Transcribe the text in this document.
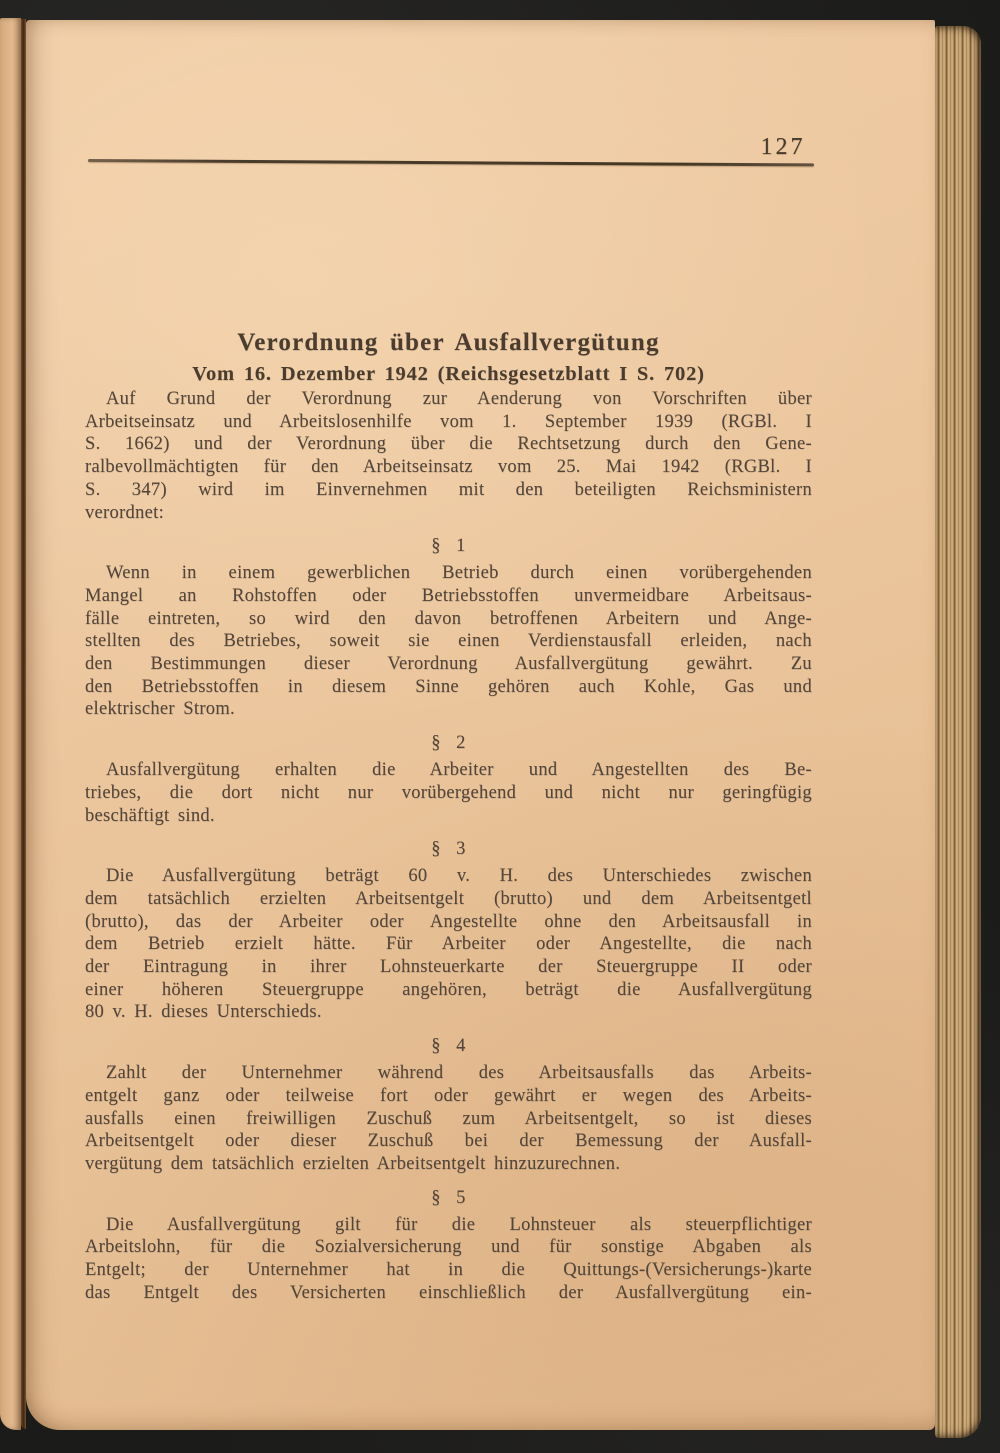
127
Verordnung über Ausfallvergütung
Vom 16. Dezember 1942 (Reichsgesetzblatt I S. 702)
Auf Grund der Verordnung zur Aenderung von Vorschriften über
Arbeitseinsatz und Arbeitslosenhilfe vom 1. September 1939 (RGBl. I
S. 1662) und der Verordnung über die Rechtsetzung durch den Gene-
ralbevollmächtigten für den Arbeitseinsatz vom 25. Mai 1942 (RGBl. I
S. 347) wird im Einvernehmen mit den beteiligten Reichsministern
verordnet:
§ 1
Wenn in einem gewerblichen Betrieb durch einen vorübergehenden
Mangel an Rohstoffen oder Betriebsstoffen unvermeidbare Arbeitsaus-
fälle eintreten, so wird den davon betroffenen Arbeitern und Ange-
stellten des Betriebes, soweit sie einen Verdienstausfall erleiden, nach
den Bestimmungen dieser Verordnung Ausfallvergütung gewährt. Zu
den Betriebsstoffen in diesem Sinne gehören auch Kohle, Gas und
elektrischer Strom.
§ 2
Ausfallvergütung erhalten die Arbeiter und Angestellten des Be-
triebes, die dort nicht nur vorübergehend und nicht nur geringfügig
beschäftigt sind.
§ 3
Die Ausfallvergütung beträgt 60 v. H. des Unterschiedes zwischen
dem tatsächlich erzielten Arbeitsentgelt (brutto) und dem Arbeitsentgetl
(brutto), das der Arbeiter oder Angestellte ohne den Arbeitsausfall in
dem Betrieb erzielt hätte. Für Arbeiter oder Angestellte, die nach
der Eintragung in ihrer Lohnsteuerkarte der Steuergruppe II oder
einer höheren Steuergruppe angehören, beträgt die Ausfallvergütung
80 v. H. dieses Unterschieds.
§ 4
Zahlt der Unternehmer während des Arbeitsausfalls das Arbeits-
entgelt ganz oder teilweise fort oder gewährt er wegen des Arbeits-
ausfalls einen freiwilligen Zuschuß zum Arbeitsentgelt, so ist dieses
Arbeitsentgelt oder dieser Zuschuß bei der Bemessung der Ausfall-
vergütung dem tatsächlich erzielten Arbeitsentgelt hinzuzurechnen.
§ 5
Die Ausfallvergütung gilt für die Lohnsteuer als steuerpflichtiger
Arbeitslohn, für die Sozialversicherung und für sonstige Abgaben als
Entgelt; der Unternehmer hat in die Quittungs-(Versicherungs-)karte
das Entgelt des Versicherten einschließlich der Ausfallvergütung ein-
